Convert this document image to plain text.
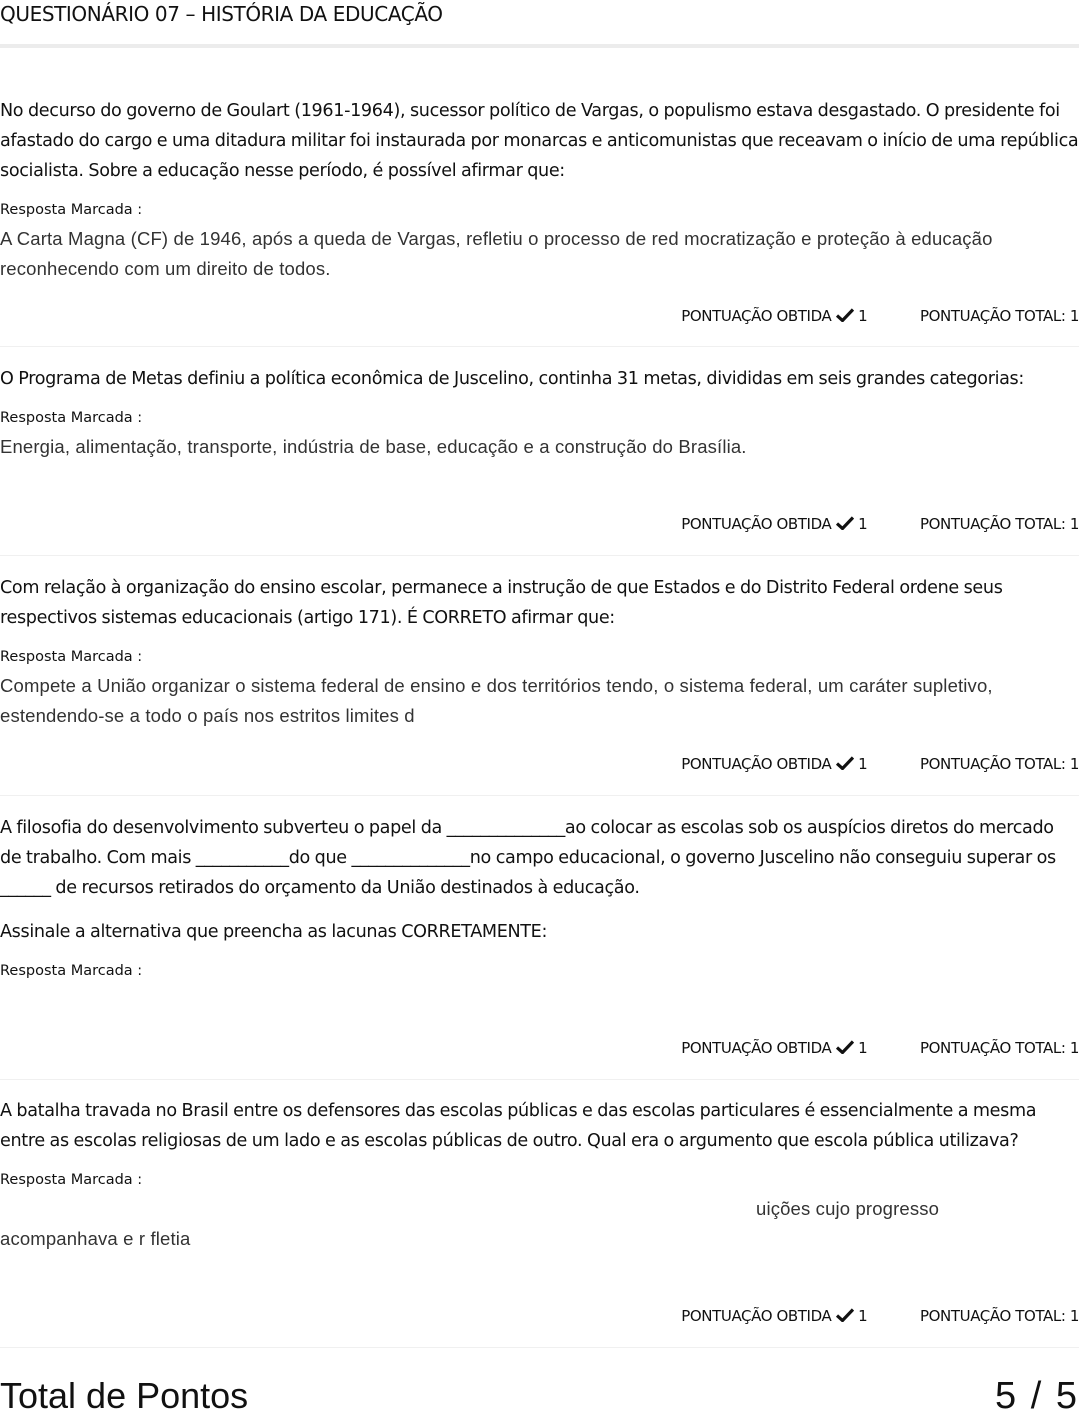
QUESTIONÁRIO 07 – HISTÓRIA DA EDUCAÇÃO
No decurso do governo de Goulart (1961-1964), sucessor político de Vargas, o populismo estava desgastado. O presidente foi afastado do cargo e uma ditadura militar foi instaurada por monarcas e anticomunistas que receavam o início de uma república socialista. Sobre a educação nesse período, é possível afirmar que:
Resposta Marcada :
A Carta Magna (CF) de 1946, após a queda de Vargas, refletiu o processo de red mocratização e proteção à educação reconhecendo com um direito de todos.
PONTUAÇÃO OBTIDA 1	PONTUAÇÃO TOTAL: 1
O Programa de Metas definiu a política econômica de Juscelino, continha 31 metas, divididas em seis grandes categorias:
Resposta Marcada :
Energia, alimentação, transporte, indústria de base, educação e a construção do Brasília.
PONTUAÇÃO OBTIDA 1	PONTUAÇÃO TOTAL: 1
Com relação à organização do ensino escolar, permanece a instrução de que Estados e do Distrito Federal ordene seus respectivos sistemas educacionais (artigo 171). É CORRETO afirmar que:
Resposta Marcada :
Compete a União organizar o sistema federal de ensino e dos territórios tendo, o sistema federal, um caráter supletivo, estendendo-se a todo o país nos estritos limites d
PONTUAÇÃO OBTIDA 1	PONTUAÇÃO TOTAL: 1
A filosofia do desenvolvimento subverteu o papel da ______________ao colocar as escolas sob os auspícios diretos do mercado de trabalho. Com mais ___________do que ______________no campo educacional, o governo Juscelino não conseguiu superar os ______ de recursos retirados do orçamento da União destinados à educação.
Assinale a alternativa que preencha as lacunas CORRETAMENTE:
Resposta Marcada :
PONTUAÇÃO OBTIDA 1	PONTUAÇÃO TOTAL: 1
A batalha travada no Brasil entre os defensores das escolas públicas e das escolas particulares é essencialmente a mesma entre as escolas religiosas de um lado e as escolas públicas de outro. Qual era o argumento que escola pública utilizava?
Resposta Marcada :
uições cujo progresso
acompanhava e r fletia
PONTUAÇÃO OBTIDA 1	PONTUAÇÃO TOTAL: 1
Total de Pontos	5 / 5
